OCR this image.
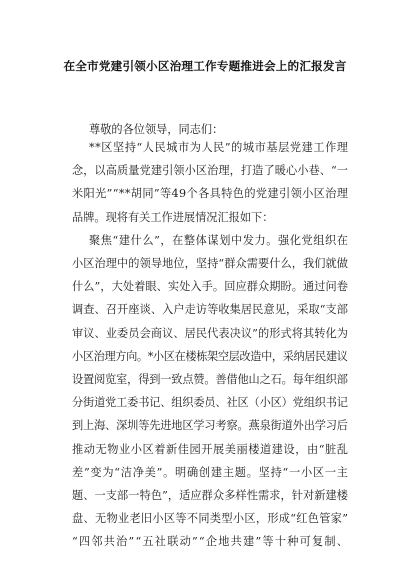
在全市党建引领小区治理工作专题推进会上的汇报发言
尊敬的各位领导，同志们：
**区坚持“人民城市为人民”的城市基层党建工作理
念，以高质量党建引领小区治理，打造了暖心小巷、“一
米阳光”“**胡同”等49个各具特色的党建引领小区治理
品牌。现将有关工作进展情况汇报如下：
聚焦“建什么”，在整体谋划中发力。强化党组织在
小区治理中的领导地位，坚持“群众需要什么，我们就做
什么”，大处着眼、实处入手。回应群众期盼。通过问卷
调查、召开座谈、入户走访等收集居民意见，采取“支部
审议、业委员会商议、居民代表决议”的形式将其转化为
小区治理方向。*小区在楼栋架空层改造中，采纳居民建议
设置阅览室，得到一致点赞。善借他山之石。每年组织部
分街道党工委书记、组织委员、社区（小区）党组织书记
到上海、深圳等先进地区学习考察。燕泉街道外出学习后
推动无物业小区着新佳园开展美丽楼道建设，由“脏乱
差”变为“洁净美”。明确创建主题。坚持“一小区一主
题、一支部一特色”，适应群众多样性需求，针对新建楼
盘、无物业老旧小区等不同类型小区，形成“红色管家”
“四邻共治”“五社联动”“企地共建”等十种可复制、
